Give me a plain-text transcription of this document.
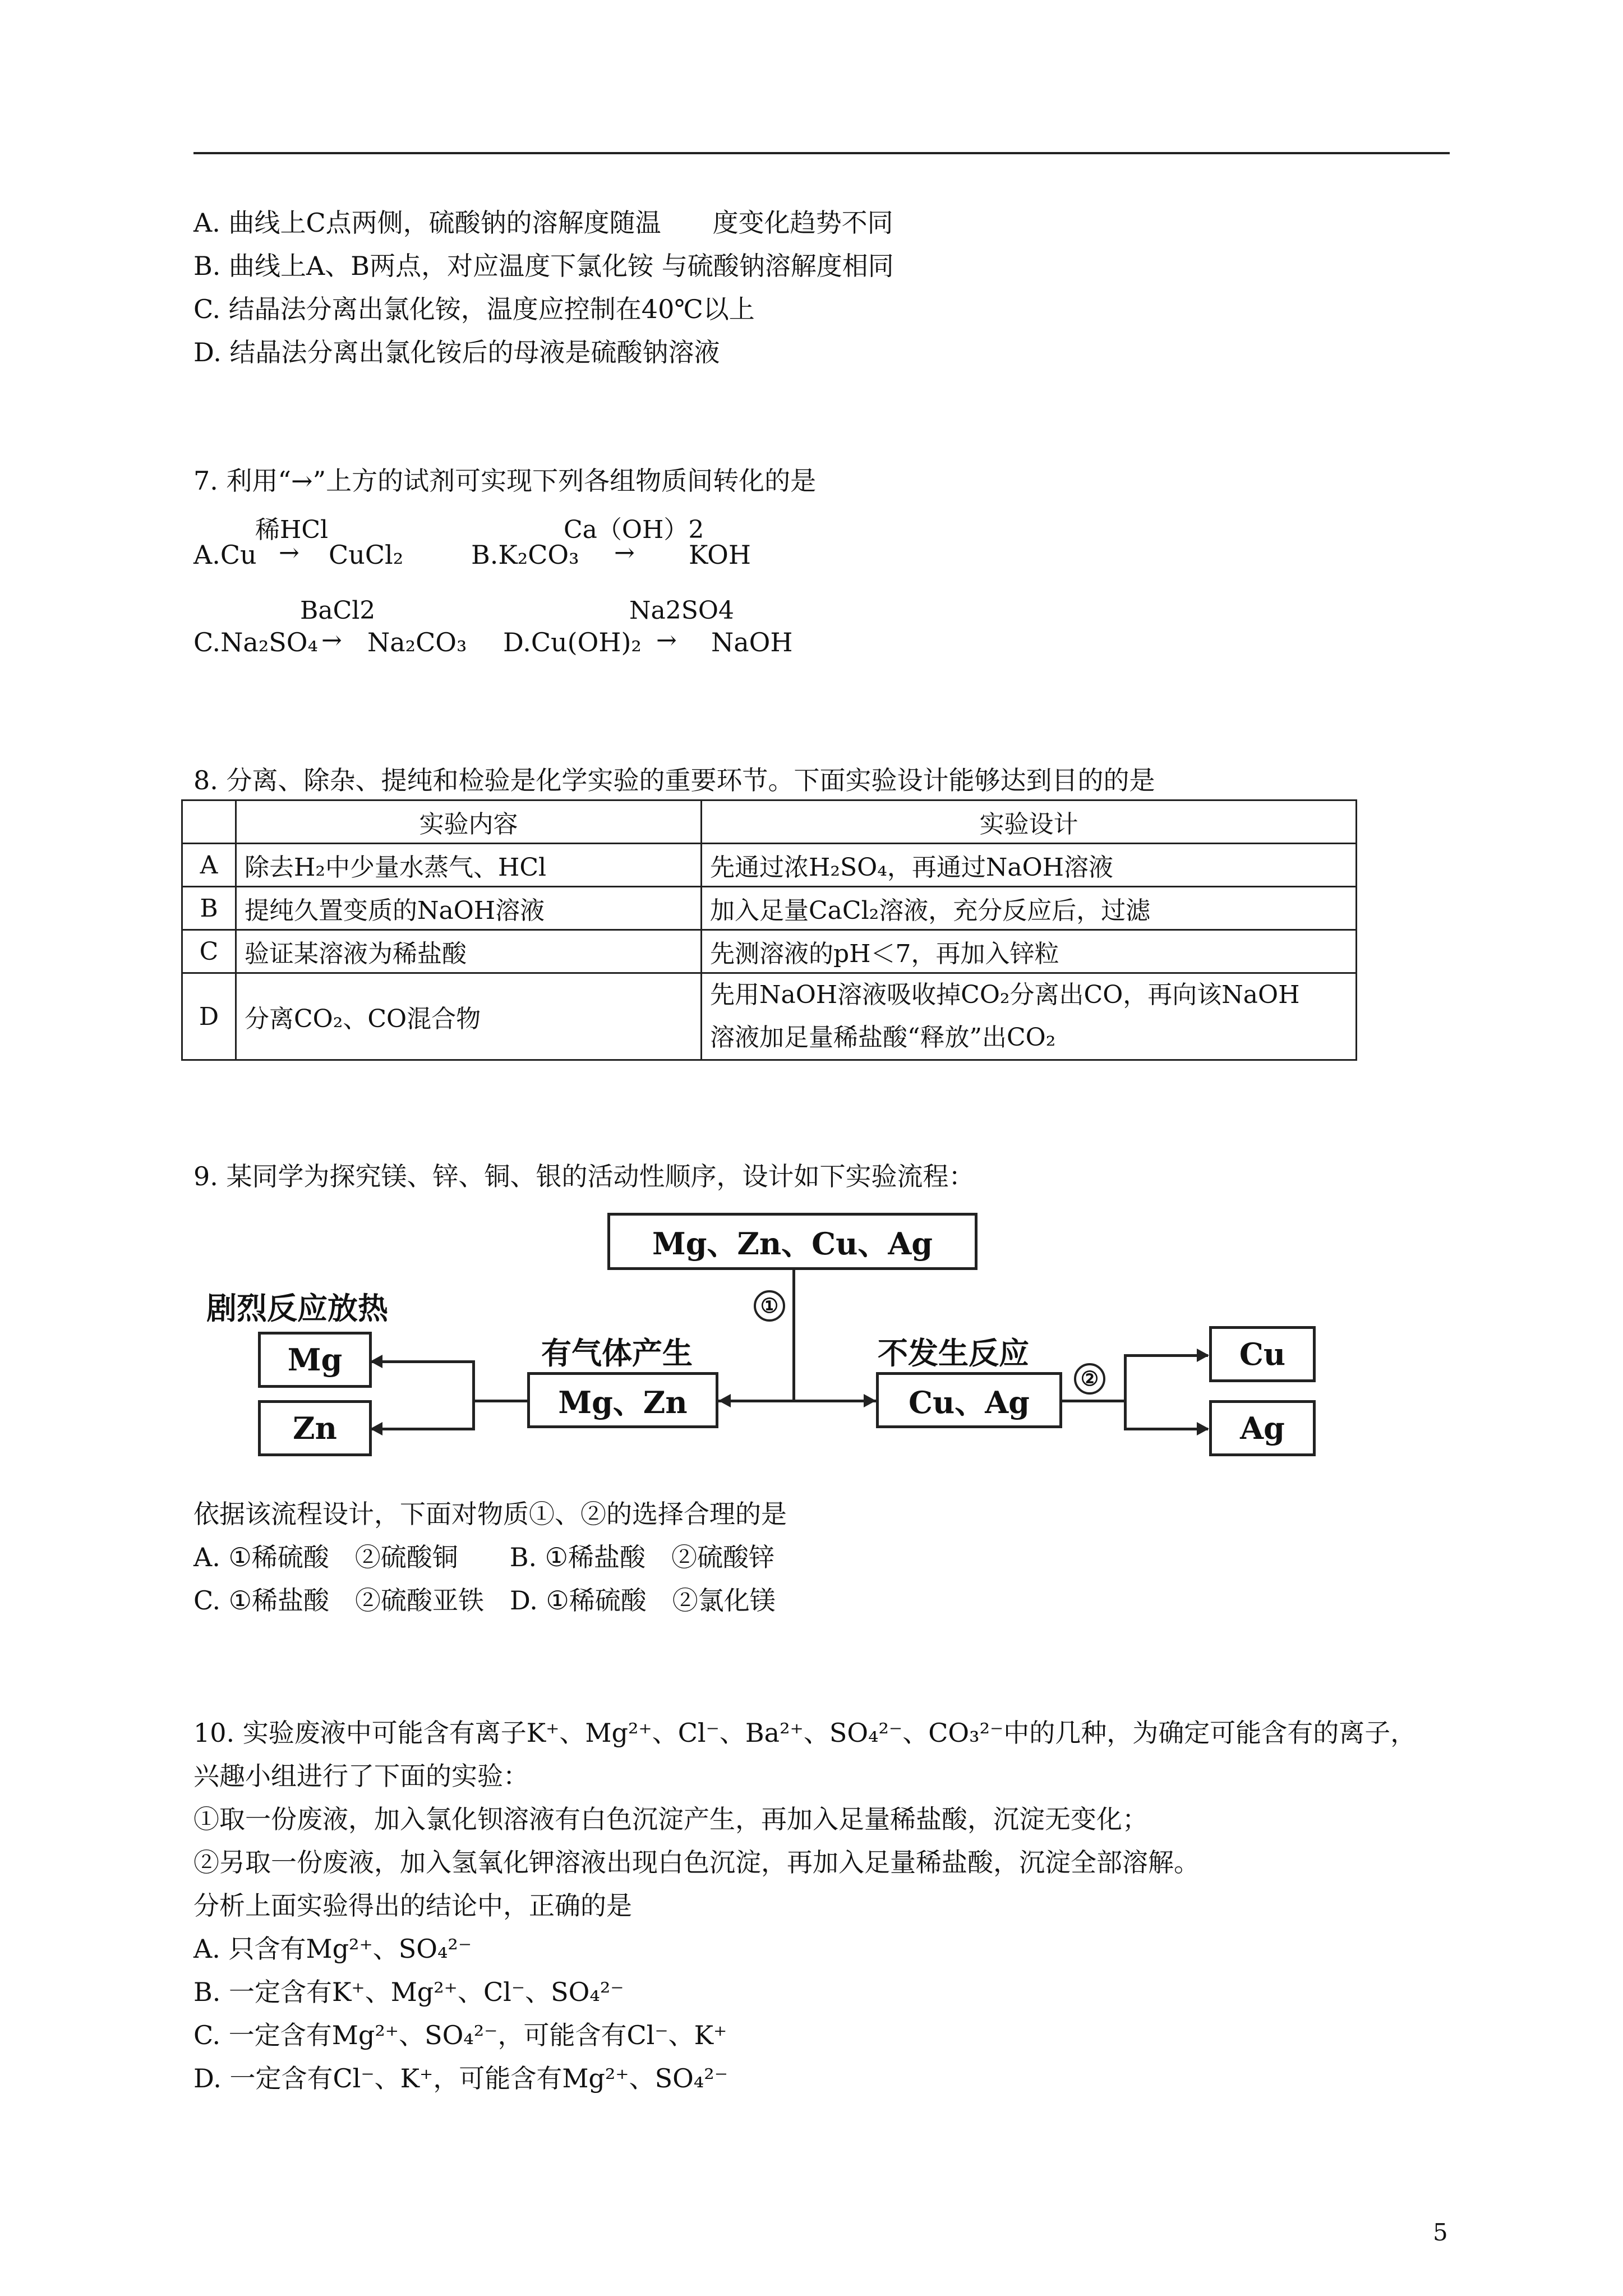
A. 曲线上C点两侧，硫酸钠的溶解度随温　　度变化趋势不同
B. 曲线上A、B两点，对应温度下氯化铵 与硫酸钠溶解度相同
C. 结晶法分离出氯化铵，温度应控制在40℃以上
D. 结晶法分离出氯化铵后的母液是硫酸钠溶液
7. 利用“→”上方的试剂可实现下列各组物质间转化的是
稀HCl
A.Cu → CuCl₂
Ca（OH）2
B.K₂CO₃ → KOH
BaCl2
C.Na₂SO₄ → Na₂CO₃
Na2SO4
D.Cu(OH)₂ → NaOH
8. 分离、除杂、提纯和检验是化学实验的重要环节。下面实验设计能够达到目的的是
	实验内容	实验设计
A	除去H₂中少量水蒸气、HCl	先通过浓H₂SO₄，再通过NaOH溶液
B	提纯久置变质的NaOH溶液	加入足量CaCl₂溶液，充分反应后，过滤
C	验证某溶液为稀盐酸	先测溶液的pH＜7，再加入锌粒
D	分离CO₂、CO混合物	先用NaOH溶液吸收掉CO₂分离出CO，再向该NaOH
溶液加足量稀盐酸“释放”出CO₂
9. 某同学为探究镁、锌、铜、银的活动性顺序，设计如下实验流程：
Mg、Zn、Cu、Ag
①
有气体产生
Mg、Zn
不发生反应
Cu、Ag
剧烈反应放热
Mg
Zn
②
Cu
Ag
依据该流程设计，下面对物质①、②的选择合理的是
A. ①稀硫酸　②硫酸铜　　B. ①稀盐酸　②硫酸锌
C. ①稀盐酸　②硫酸亚铁　D. ①稀硫酸　②氯化镁
10. 实验废液中可能含有离子K⁺、Mg²⁺、Cl⁻、Ba²⁺、SO₄²⁻、CO₃²⁻中的几种，为确定可能含有的离子，
兴趣小组进行了下面的实验：
①取一份废液，加入氯化钡溶液有白色沉淀产生，再加入足量稀盐酸，沉淀无变化；
②另取一份废液，加入氢氧化钾溶液出现白色沉淀，再加入足量稀盐酸，沉淀全部溶解。
分析上面实验得出的结论中，正确的是
A. 只含有Mg²⁺、SO₄²⁻
B. 一定含有K⁺、Mg²⁺、Cl⁻、SO₄²⁻
C. 一定含有Mg²⁺、SO₄²⁻，可能含有Cl⁻、K⁺
D. 一定含有Cl⁻、K⁺，可能含有Mg²⁺、SO₄²⁻
5
